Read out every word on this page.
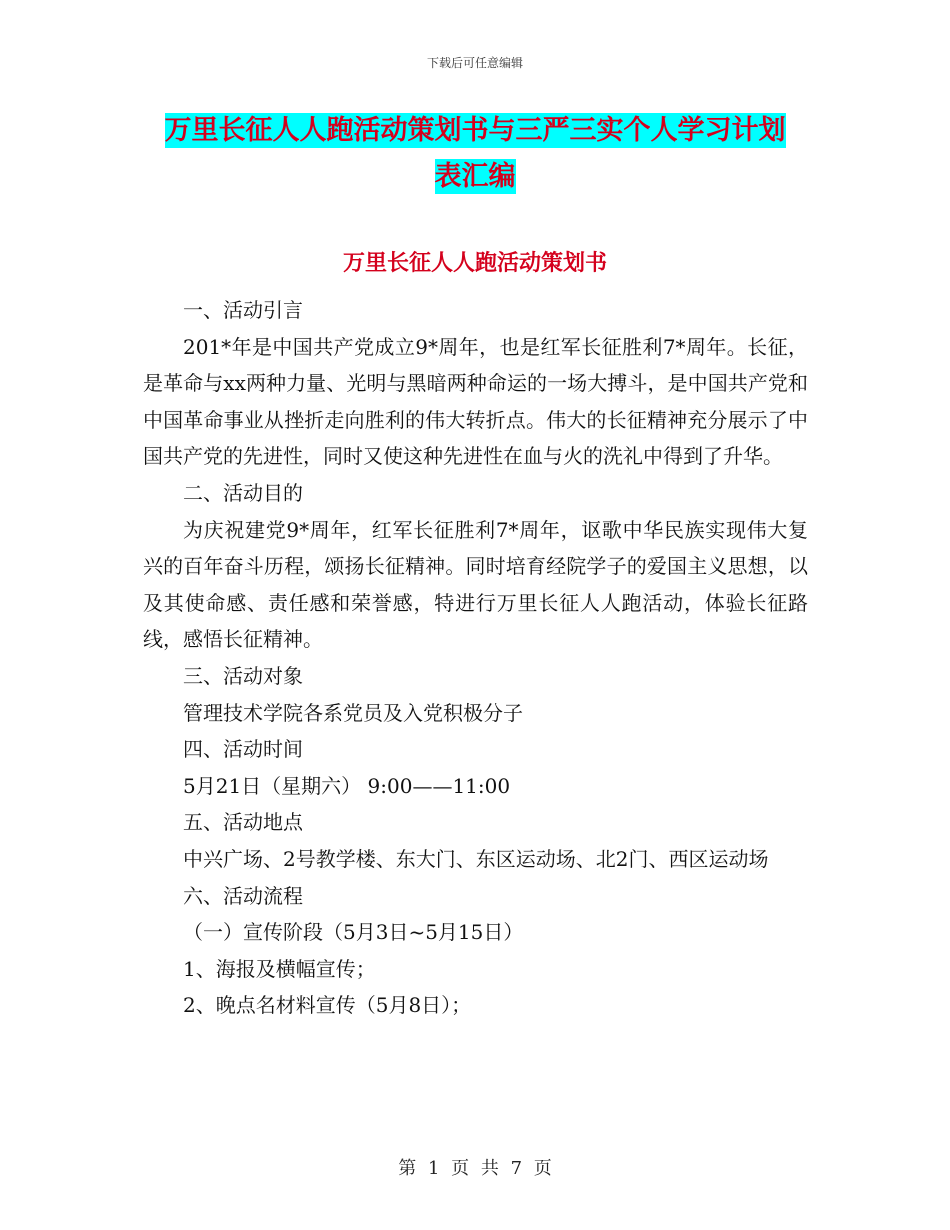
下载后可任意编辑
万里长征人人跑活动策划书与三严三实个人学习计划
表汇编
万里长征人人跑活动策划书

一、活动引言

201*年是中国共产党成立9*周年，也是红军长征胜利7*周年。长征，是革命与xx两种力量、光明与黑暗两种命运的一场大搏斗，是中国共产党和中国革命事业从挫折走向胜利的伟大转折点。伟大的长征精神充分展示了中国共产党的先进性，同时又使这种先进性在血与火的洗礼中得到了升华。

二、活动目的

为庆祝建党9*周年，红军长征胜利7*周年，讴歌中华民族实现伟大复兴的百年奋斗历程，颂扬长征精神。同时培育经院学子的爱国主义思想，以及其使命感、责任感和荣誉感，特进行万里长征人人跑活动，体验长征路线，感悟长征精神。

三、活动对象

管理技术学院各系党员及入党积极分子

四、活动时间

5月21日（星期六） 9:00——11:00

五、活动地点

中兴广场、2号教学楼、东大门、东区运动场、北2门、西区运动场

六、活动流程

（一）宣传阶段（5月3日~5月15日）

1、海报及横幅宣传；

2、晚点名材料宣传（5月8日）；

第 1 页 共 7 页
